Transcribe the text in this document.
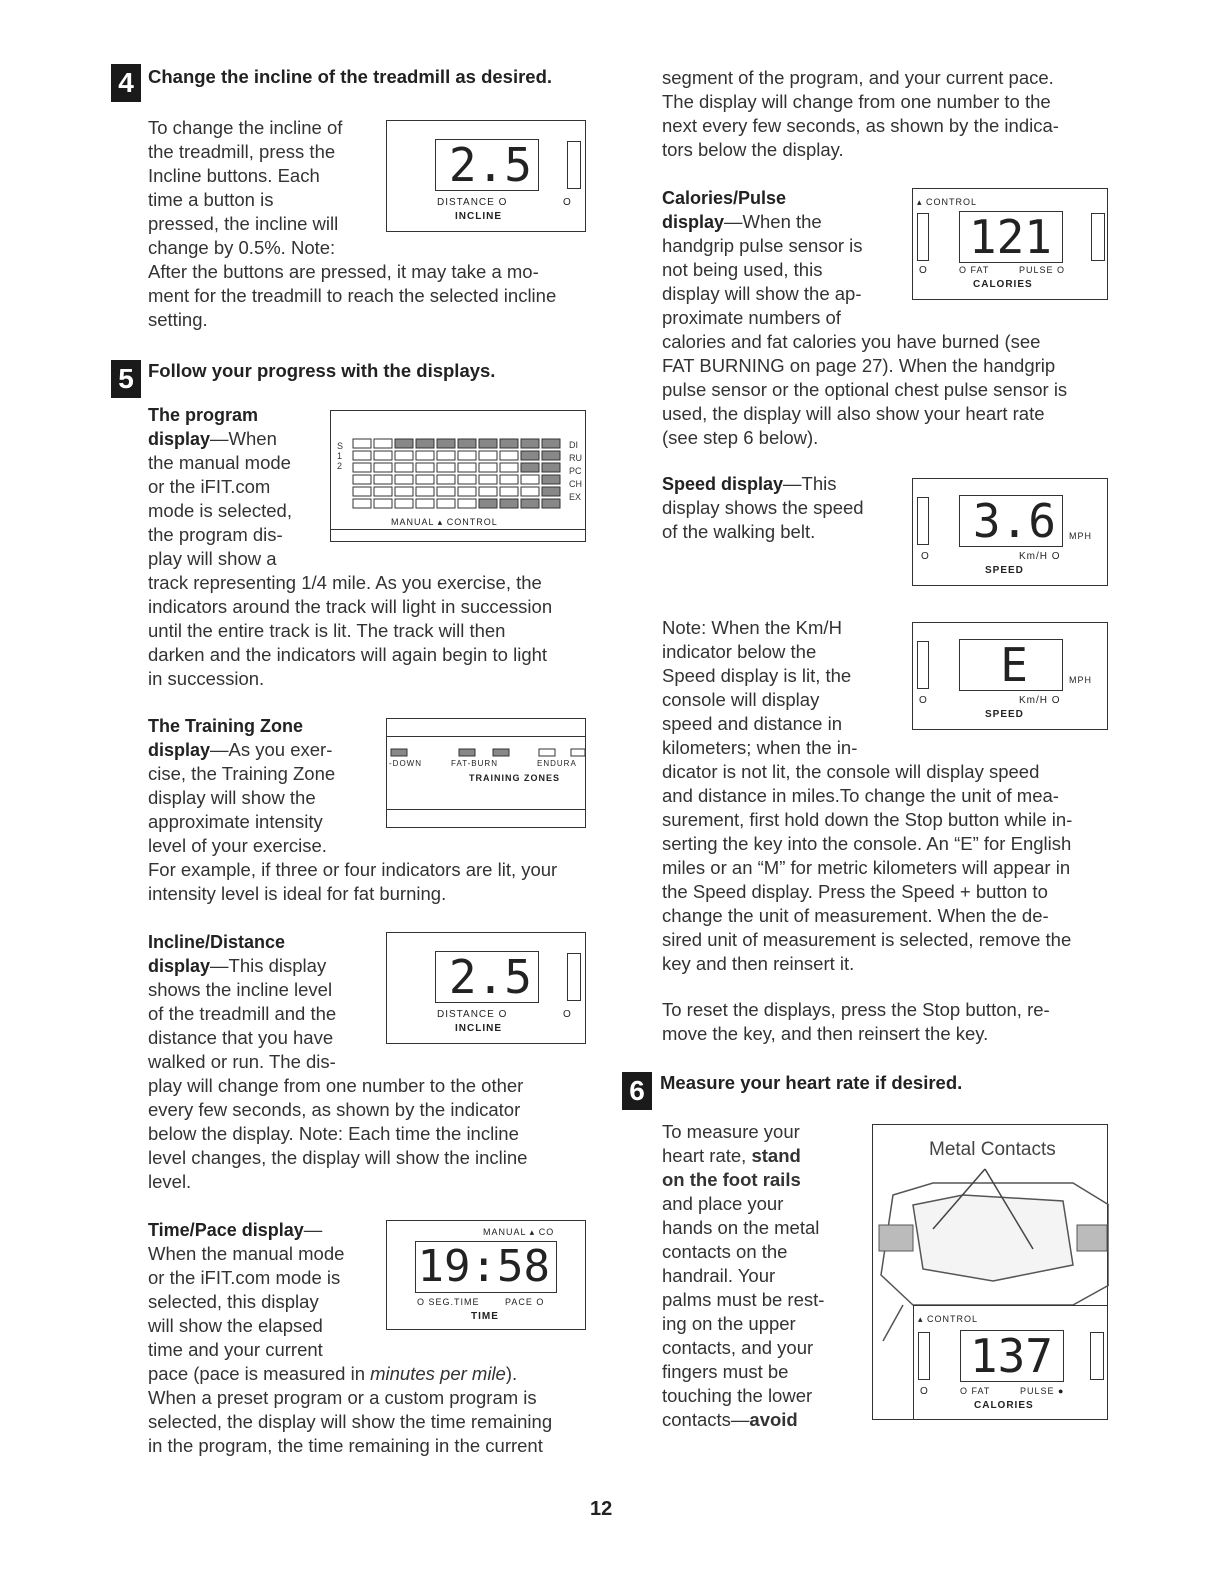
4 Change the incline of the treadmill as desired.

To change the incline of

the treadmill, press the

Incline buttons. Each

time a button is

pressed, the incline will

change by 0.5%. Note:

After the buttons are pressed, it may take a mo-

ment for the treadmill to reach the selected incline

setting.

2.5
DISTANCE O	O
INCLINE
5 Follow your progress with the displays.

The program

display—When

the manual mode

or the iFIT.com

mode is selected,

the program dis-

play will show a

track representing 1/4 mile. As you exercise, the

indicators around the track will light in succession

until the entire track is lit. The track will then

darken and the indicators will again begin to light

in succession.

S
1
2
DI
RU
PC
CH
EX
MANUAL ▴ CONTROL

The Training Zone

display—As you exer-

cise, the Training Zone

display will show the

approximate intensity

level of your exercise.

For example, if three or four indicators are lit, your

intensity level is ideal for fat burning.

-DOWN	FAT-BURN	ENDURA
TRAINING ZONES

Incline/Distance

display—This display

shows the incline level

of the treadmill and the

distance that you have

walked or run. The dis-

play will change from one number to the other

every few seconds, as shown by the indicator

below the display. Note: Each time the incline

level changes, the display will show the incline

level.

2.5
DISTANCE O	O
INCLINE

Time/Pace display—

When the manual mode

or the iFIT.com mode is

selected, this display

will show the elapsed

time and your current

pace (pace is measured in minutes per mile).

When a preset program or a custom program is

selected, the display will show the time remaining

in the program, the time remaining in the current

MANUAL ▴ CO
19:58
O SEG.TIME	PACE O
TIME

segment of the program, and your current pace.

The display will change from one number to the

next every few seconds, as shown by the indica-

tors below the display.

Calories/Pulse

display—When the

handgrip pulse sensor is

not being used, this

display will show the ap-

proximate numbers of

calories and fat calories you have burned (see

FAT BURNING on page 27). When the handgrip

pulse sensor or the optional chest pulse sensor is

used, the display will also show your heart rate

(see step 6 below).

▴ CONTROL
121
O	O FAT	PULSE O
CALORIES

Speed display—This

display shows the speed

of the walking belt.	3.6	MPH
O	Km/H O
SPEED

Note: When the Km/H

indicator below the

Speed display is lit, the

console will display

speed and distance in

kilometers; when the in-

dicator is not lit, the console will display speed

and distance in miles.To change the unit of mea-

surement, first hold down the Stop button while in-

serting the key into the console. An “E” for English

miles or an “M” for metric kilometers will appear in

the Speed display. Press the Speed + button to

change the unit of measurement. When the de-

sired unit of measurement is selected, remove the

key and then reinsert it.

E	MPH
O	Km/H O
SPEED

To reset the displays, press the Stop button, re-

move the key, and then reinsert the key.

6 Measure your heart rate if desired.

To measure your

heart rate, stand

on the foot rails

and place your

hands on the metal

contacts on the

handrail. Your

palms must be rest-

ing on the upper

contacts, and your

fingers must be

touching the lower

contacts—avoid

Metal Contacts
▴ CONTROL
137
O	O FAT	PULSE ●
CALORIES
12
